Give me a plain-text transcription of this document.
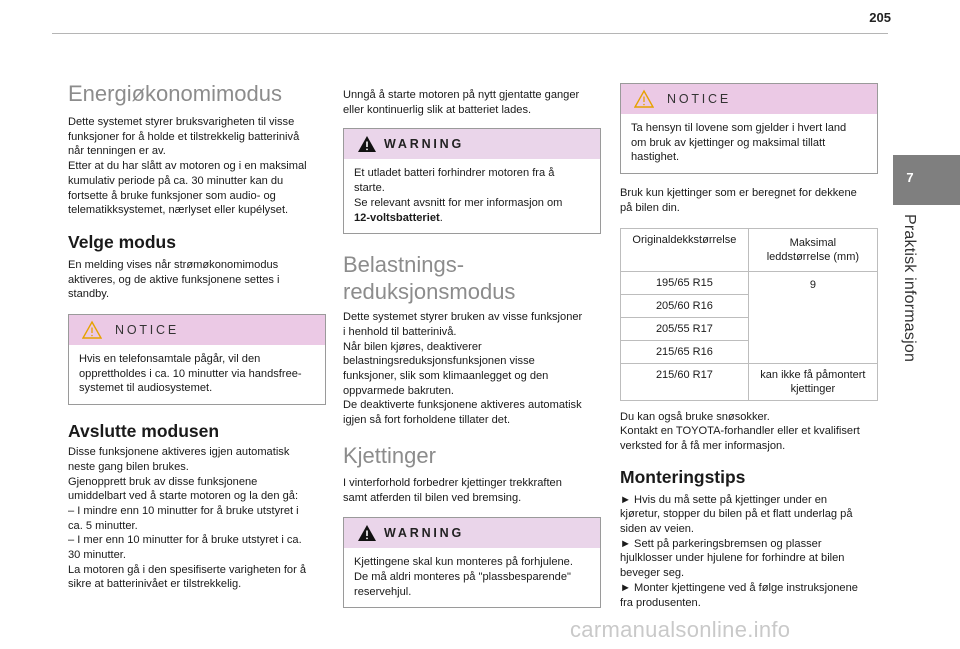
205
7
Praktisk informasjon
Energiøkonomimodus

Dette systemet styrer bruksvarigheten til visse
funksjoner for å holde et tilstrekkelig batterinivå
når tenningen er av.
Etter at du har slått av motoren og i en maksimal
kumulativ periode på ca. 30 minutter kan du
fortsette å bruke funksjoner som audio- og
telematikksystemet, nærlyset eller kupélyset.

Velge modus

En melding vises når strømøkonomimodus
aktiveres, og de aktive funksjonene settes i
standby.

NOTICE

Hvis en telefonsamtale pågår, vil den
opprettholdes i ca. 10 minutter via handsfree-
systemet til audiosystemet.

Avslutte modusen

Disse funksjonene aktiveres igjen automatisk
neste gang bilen brukes.
Gjenopprett bruk av disse funksjonene
umiddelbart ved å starte motoren og la den gå:
– I mindre enn 10 minutter for å bruke utstyret i
ca. 5 minutter.
– I mer enn 10 minutter for å bruke utstyret i ca.
30 minutter.
La motoren gå i den spesifiserte varigheten for å
sikre at batterinivået er tilstrekkelig.

Unngå å starte motoren på nytt gjentatte ganger
eller kontinuerlig slik at batteriet lades.

WARNING

Et utladet batteri forhindrer motoren fra å
starte.
Se relevant avsnitt for mer informasjon om
12-voltsbatteriet.

Belastnings-
reduksjonsmodus

Dette systemet styrer bruken av visse funksjoner
i henhold til batterinivå.
Når bilen kjøres, deaktiverer
belastningsreduksjonsfunksjonen visse
funksjoner, slik som klimaanlegget og den
oppvarmede bakruten.
De deaktiverte funksjonene aktiveres automatisk
igjen så fort forholdene tillater det.

Kjettinger

I vinterforhold forbedrer kjettinger trekkraften
samt atferden til bilen ved bremsing.

WARNING

Kjettingene skal kun monteres på forhjulene.
De må aldri monteres på "plassbesparende"
reservehjul.

NOTICE

Ta hensyn til lovene som gjelder i hvert land
om bruk av kjettinger og maksimal tillatt
hastighet.

Bruk kun kjettinger som er beregnet for dekkene
på bilen din.

Originaldekkstørrelse	Maksimal
leddstørrelse (mm)
195/65 R15	9
205/60 R16	
205/55 R17	
215/65 R16	
215/60 R17	kan ikke få påmontert
kjettinger

Du kan også bruke snøsokker.
Kontakt en TOYOTA-forhandler eller et kvalifisert
verksted for å få mer informasjon.

Monteringstips

► Hvis du må sette på kjettinger under en
kjøretur, stopper du bilen på et flatt underlag på
siden av veien.
► Sett på parkeringsbremsen og plasser
hjulklosser under hjulene for forhindre at bilen
beveger seg.
► Monter kjettingene ved å følge instruksjonene
fra produsenten.

carmanualsonline.info
